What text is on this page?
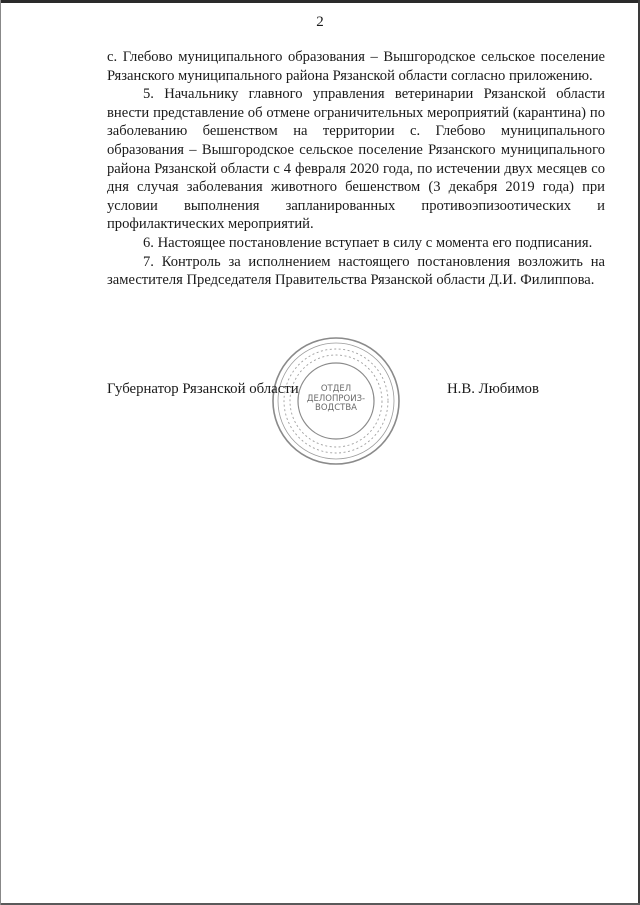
2

с. Глебово муниципального образования – Вышгородское сельское поселение Рязанского муниципального района Рязанской области согласно приложению.

5. Начальнику главного управления ветеринарии Рязанской области внести представление об отмене ограничительных мероприятий (карантина) по заболеванию бешенством на территории с. Глебово муниципального образования – Вышгородское сельское поселение Рязанского муниципального района Рязанской области с 4 февраля 2020 года, по истечении двух месяцев со дня случая заболевания животного бешенством (3 декабря 2019 года) при условии выполнения запланированных противоэпизоотических и профилактических мероприятий.

6. Настоящее постановление вступает в силу с момента его подписания.

7. Контроль за исполнением настоящего постановления возложить на заместителя Председателя Правительства Рязанской области Д.И. Филиппова.

ОТДЕЛ
ДЕЛОПРОИЗ-
ВОДСТВА
Губернатор Рязанской области	Н.В. Любимов
